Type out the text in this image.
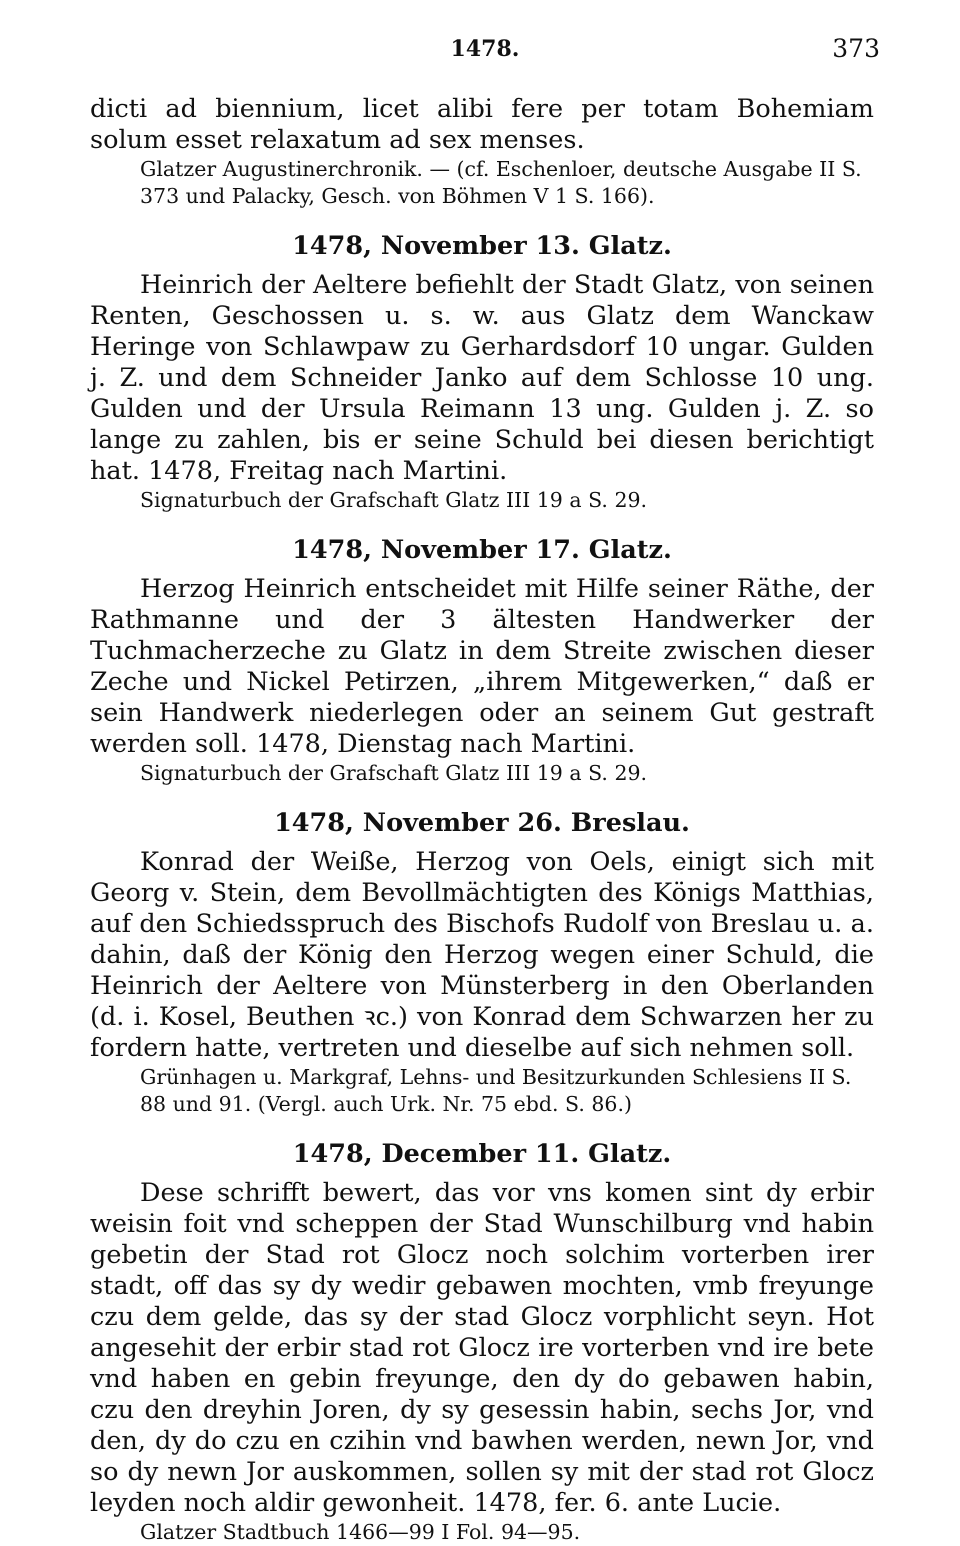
1478.	373

dicti ad biennium, licet alibi fere per totam Bohemiam solum esset relaxatum ad sex menses.

Glatzer Augustinerchronik. — (cf. Eschenloer, deutsche Ausgabe II S. 373 und Palacky, Gesch. von Böhmen V 1 S. 166).

1478, November 13. Glatz.

Heinrich der Aeltere befiehlt der Stadt Glatz, von seinen Renten, Geschossen u. s. w. aus Glatz dem Wanckaw Heringe von Schlawpaw zu Gerhardsdorf 10 ungar. Gulden j. Z. und dem Schneider Janko auf dem Schlosse 10 ung. Gulden und der Ursula Reimann 13 ung. Gulden j. Z. so lange zu zahlen, bis er seine Schuld bei diesen berichtigt hat. 1478, Freitag nach Martini.

Signaturbuch der Grafschaft Glatz III 19 a S. 29.

1478, November 17. Glatz.

Herzog Heinrich entscheidet mit Hilfe seiner Räthe, der Rathmanne und der 3 ältesten Handwerker der Tuchmacherzeche zu Glatz in dem Streite zwischen dieser Zeche und Nickel Petirzen, „ihrem Mitgewerken,“ daß er sein Handwerk niederlegen oder an seinem Gut gestraft werden soll. 1478, Dienstag nach Martini.

Signaturbuch der Grafschaft Glatz III 19 a S. 29.

1478, November 26. Breslau.

Konrad der Weiße, Herzog von Oels, einigt sich mit Georg v. Stein, dem Bevollmächtigten des Königs Matthias, auf den Schiedsspruch des Bischofs Rudolf von Breslau u. a. dahin, daß der König den Herzog wegen einer Schuld, die Heinrich der Aeltere von Münsterberg in den Oberlanden (d. i. Kosel, Beuthen ꝛc.) von Konrad dem Schwarzen her zu fordern hatte, vertreten und dieselbe auf sich nehmen soll.

Grünhagen u. Markgraf, Lehns- und Besitzurkunden Schlesiens II S. 88 und 91. (Vergl. auch Urk. Nr. 75 ebd. S. 86.)

1478, December 11. Glatz.

Dese schrifft bewert, das vor vns komen sint dy erbir weisin foit vnd scheppen der Stad Wunschilburg vnd habin gebetin der Stad rot Glocz noch solchim vorterben irer stadt, off das sy dy wedir gebawen mochten, vmb freyunge czu dem gelde, das sy der stad Glocz vorphlicht seyn. Hot angesehit der erbir stad rot Glocz ire vorterben vnd ire bete vnd haben en gebin freyunge, den dy do gebawen habin, czu den dreyhin Joren, dy sy gesessin habin, sechs Jor, vnd den, dy do czu en czihin vnd bawhen werden, newn Jor, vnd so dy newn Jor auskommen, sollen sy mit der stad rot Glocz leyden noch aldir gewonheit. 1478, fer. 6. ante Lucie.

Glatzer Stadtbuch 1466—99 I Fol. 94—95.
